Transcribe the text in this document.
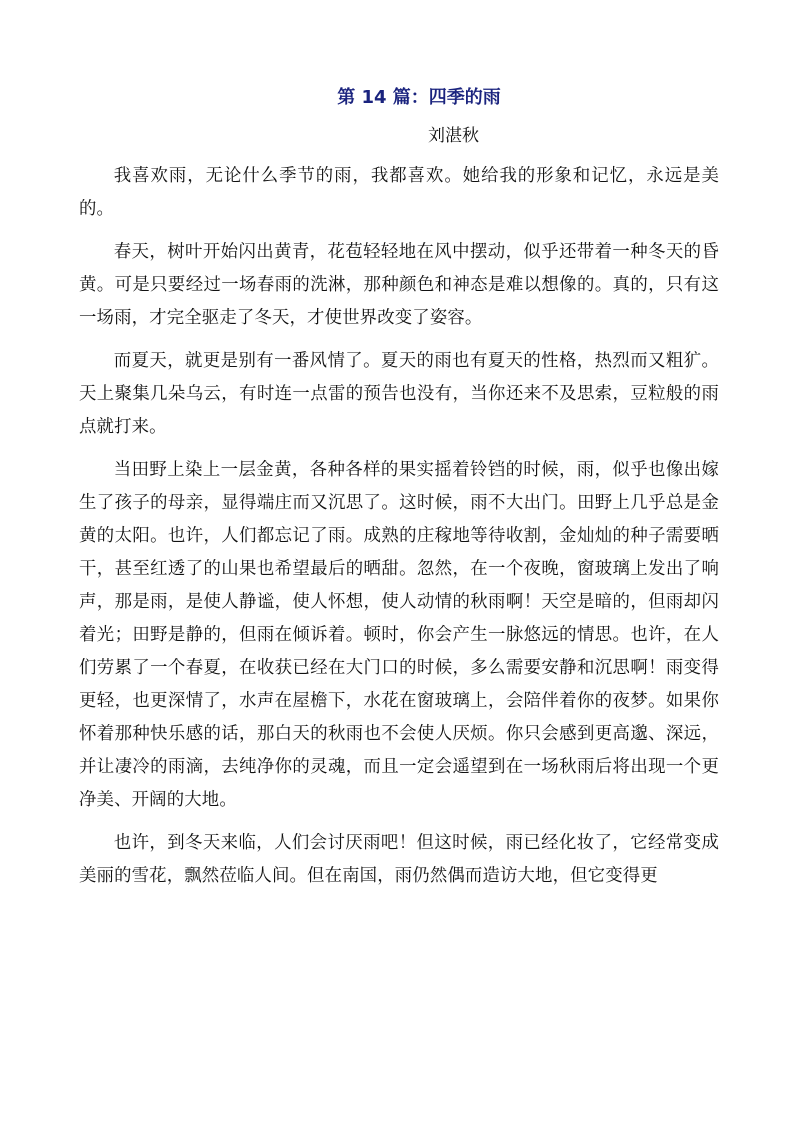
第 14 篇：四季的雨

刘湛秋

我喜欢雨，无论什么季节的雨，我都喜欢。她给我的形象和记忆，永远是美的。

春天，树叶开始闪出黄青，花苞轻轻地在风中摆动，似乎还带着一种冬天的昏黄。可是只要经过一场春雨的洗淋，那种颜色和神态是难以想像的。真的，只有这一场雨，才完全驱走了冬天，才使世界改变了姿容。

而夏天，就更是别有一番风情了。夏天的雨也有夏天的性格，热烈而又粗犷。天上聚集几朵乌云，有时连一点雷的预告也没有，当你还来不及思索，豆粒般的雨点就打来。

当田野上染上一层金黄，各种各样的果实摇着铃铛的时候，雨，似乎也像出嫁生了孩子的母亲，显得端庄而又沉思了。这时候，雨不大出门。田野上几乎总是金黄的太阳。也许，人们都忘记了雨。成熟的庄稼地等待收割，金灿灿的种子需要晒干，甚至红透了的山果也希望最后的晒甜。忽然，在一个夜晚，窗玻璃上发出了响声，那是雨，是使人静谧，使人怀想，使人动情的秋雨啊！天空是暗的，但雨却闪着光；田野是静的，但雨在倾诉着。顿时，你会产生一脉悠远的情思。也许，在人们劳累了一个春夏，在收获已经在大门口的时候，多么需要安静和沉思啊！雨变得更轻，也更深情了，水声在屋檐下，水花在窗玻璃上，会陪伴着你的夜梦。如果你怀着那种快乐感的话，那白天的秋雨也不会使人厌烦。你只会感到更高邈、深远，并让凄冷的雨滴，去纯净你的灵魂，而且一定会遥望到在一场秋雨后将出现一个更净美、开阔的大地。

也许，到冬天来临，人们会讨厌雨吧！但这时候，雨已经化妆了，它经常变成美丽的雪花，飘然莅临人间。但在南国，雨仍然偶而造访大地，但它变得更
